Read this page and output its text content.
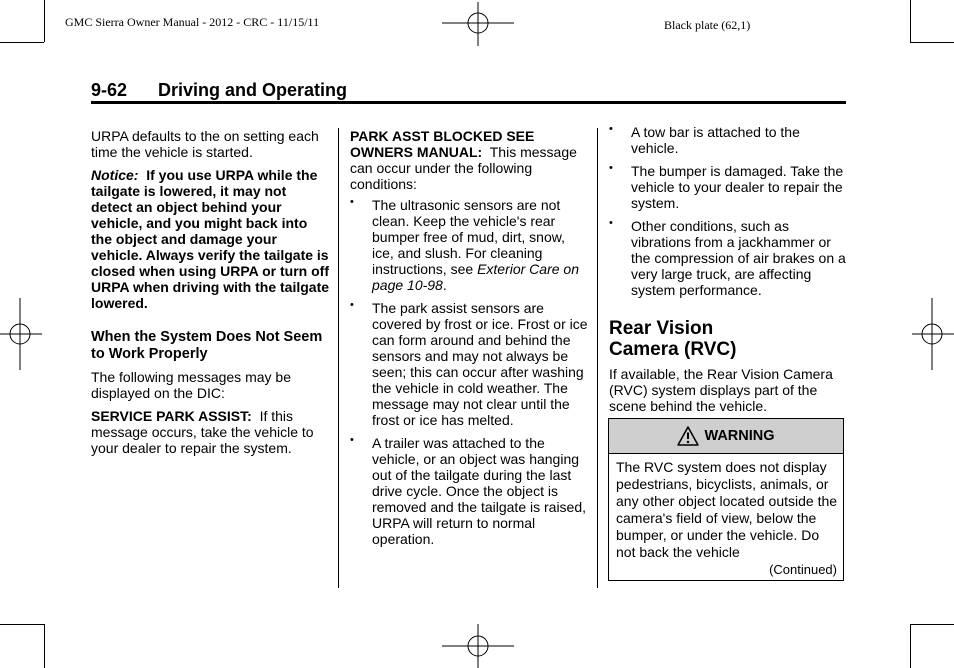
GMC Sierra Owner Manual - 2012 - CRC - 11/15/11	Black plate (62,1)
9-62 Driving and Operating

URPA defaults to the on setting each time the vehicle is started.

Notice: If you use URPA while the tailgate is lowered, it may not detect an object behind your vehicle, and you might back into the object and damage your vehicle. Always verify the tailgate is closed when using URPA or turn off URPA when driving with the tailgate lowered.

When the System Does Not Seem to Work Properly

The following messages may be displayed on the DIC:

SERVICE PARK ASSIST: If this message occurs, take the vehicle to your dealer to repair the system.

PARK ASST BLOCKED SEE OWNERS MANUAL: This message can occur under the following conditions:

• The ultrasonic sensors are not clean. Keep the vehicle's rear bumper free of mud, dirt, snow, ice, and slush. For cleaning instructions, see Exterior Care on page 10-98.
• The park assist sensors are covered by frost or ice. Frost or ice can form around and behind the sensors and may not always be seen; this can occur after washing the vehicle in cold weather. The message may not clear until the frost or ice has melted.
• A trailer was attached to the vehicle, or an object was hanging out of the tailgate during the last drive cycle. Once the object is removed and the tailgate is raised, URPA will return to normal operation.
• A tow bar is attached to the vehicle.
• The bumper is damaged. Take the vehicle to your dealer to repair the system.
• Other conditions, such as vibrations from a jackhammer or the compression of air brakes on a very large truck, are affecting system performance.
Rear Vision
Camera (RVC)

If available, the Rear Vision Camera (RVC) system displays part of the scene behind the vehicle.

WARNING
The RVC system does not display pedestrians, bicyclists, animals, or any other object located outside the camera's field of view, below the bumper, or under the vehicle. Do not back the vehicle
(Continued)
